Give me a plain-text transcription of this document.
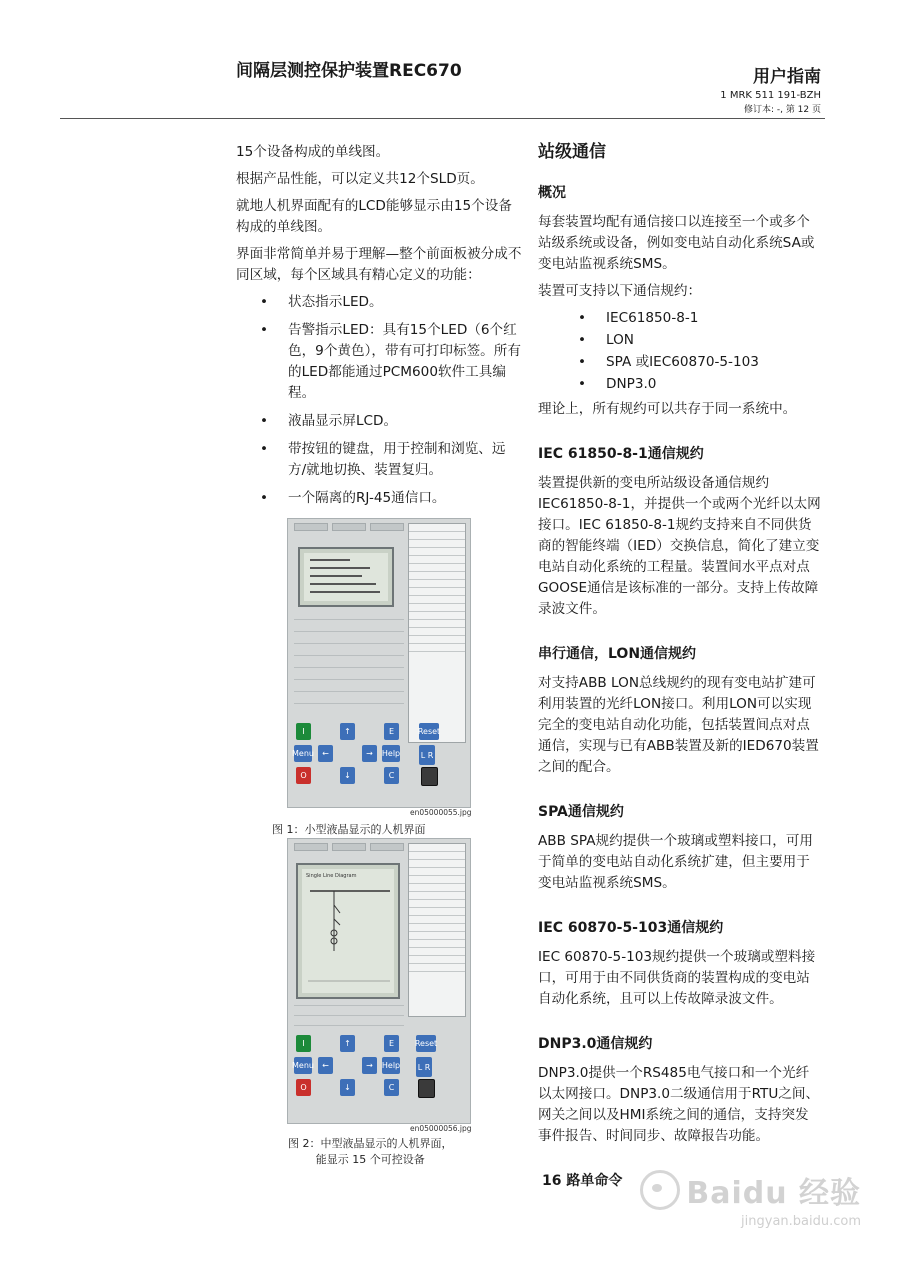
间隔层测控保护装置REC670	用户指南
1 MRK 511 191-BZH
修订本: -, 第 12 页

15个设备构成的单线图。

根据产品性能，可以定义共12个SLD页。

就地人机界面配有的LCD能够显示由15个设备构成的单线图。

界面非常简单并易于理解—整个前面板被分成不同区域，每个区域具有精心定义的功能：

• 状态指示LED。
• 告警指示LED：具有15个LED（6个红色，9个黄色），带有可打印标签。所有的LED都能通过PCM600软件工具编程。
• 液晶显示屏LCD。
• 带按钮的键盘，用于控制和浏览、远方/就地切换、装置复归。
• 一个隔离的RJ-45通信口。
I	↑	E	Reset
Menu	←	→	Help	L R
O	↓	C
en05000055.jpg
图 1：小型液晶显示的人机界面
Single Line Diagram
I	↑	E	Reset
Menu	←	→	Help L R
O	↓	C
en05000056.jpg
图 2：中型液晶显示的人机界面，
能显示 15 个可控设备

站级通信

概况

每套装置均配有通信接口以连接至一个或多个站级系统或设备，例如变电站自动化系统SA或变电站监视系统SMS。

装置可支持以下通信规约：

• IEC61850-8-1
• LON
• SPA 或IEC60870-5-103
• DNP3.0

理论上，所有规约可以共存于同一系统中。

IEC 61850-8-1通信规约

装置提供新的变电所站级设备通信规约IEC61850-8-1，并提供一个或两个光纤以太网接口。IEC 61850-8-1规约支持来自不同供货商的智能终端（IED）交换信息，简化了建立变电站自动化系统的工程量。装置间水平点对点GOOSE通信是该标准的一部分。支持上传故障录波文件。

串行通信，LON通信规约

对支持ABB LON总线规约的现有变电站扩建可利用装置的光纤LON接口。利用LON可以实现完全的变电站自动化功能，包括装置间点对点通信，实现与已有ABB装置及新的IED670装置之间的配合。

SPA通信规约

ABB SPA规约提供一个玻璃或塑料接口，可用于简单的变电站自动化系统扩建，但主要用于变电站监视系统SMS。

IEC 60870-5-103通信规约

IEC 60870-5-103规约提供一个玻璃或塑料接口，可用于由不同供货商的装置构成的变电站自动化系统，且可以上传故障录波文件。

DNP3.0通信规约

DNP3.0提供一个RS485电气接口和一个光纤以太网接口。DNP3.0二级通信用于RTU之间、网关之间以及HMI系统之间的通信，支持突发事件报告、时间同步、故障报告功能。

16 路单命令	Baidu 经验
jingyan.baidu.com
